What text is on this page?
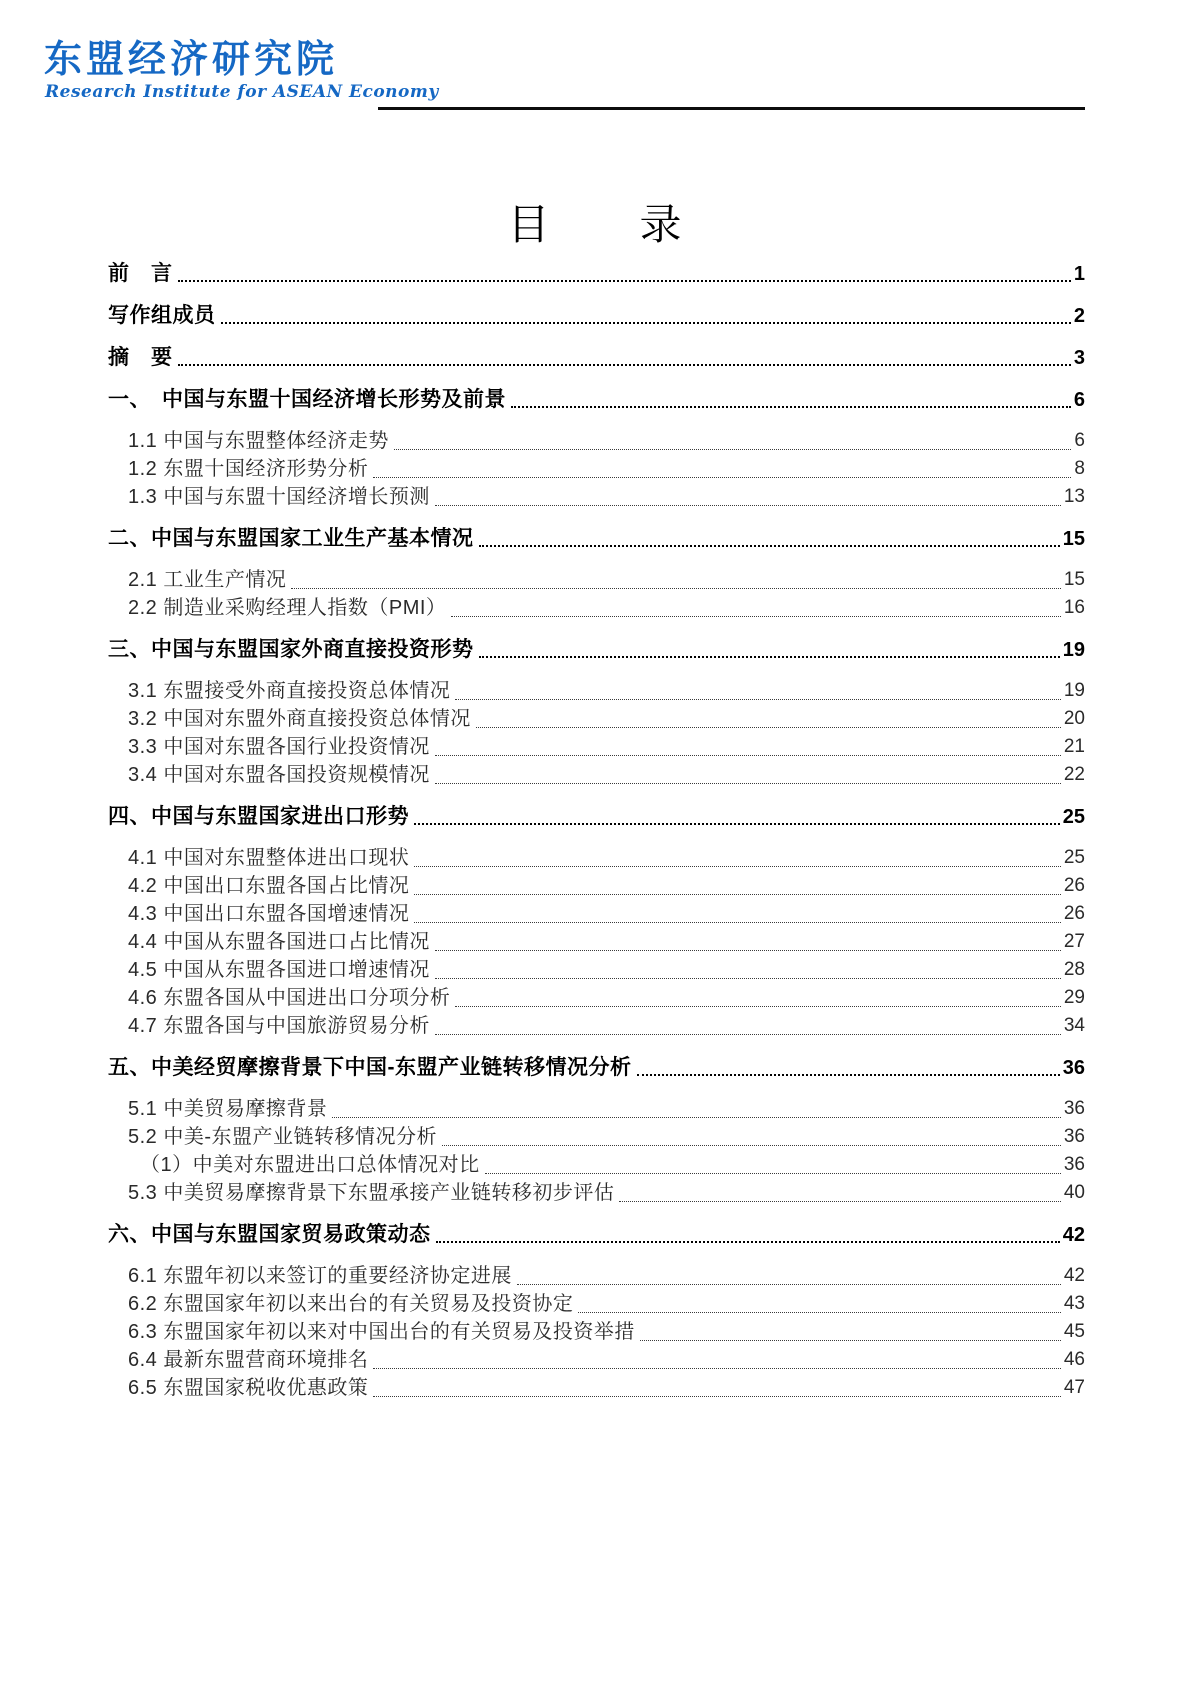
东盟经济研究院
Research Institute for ASEAN Economy
目　　录
前　言	1
写作组成员	2
摘　要	3
一、　中国与东盟十国经济增长形势及前景	6
1.1 中国与东盟整体经济走势	6
1.2 东盟十国经济形势分析	8
1.3 中国与东盟十国经济增长预测	13
二、中国与东盟国家工业生产基本情况	15
2.1 工业生产情况	15
2.2 制造业采购经理人指数（PMI）	16
三、中国与东盟国家外商直接投资形势	19
3.1 东盟接受外商直接投资总体情况	19
3.2 中国对东盟外商直接投资总体情况	20
3.3 中国对东盟各国行业投资情况	21
3.4 中国对东盟各国投资规模情况	22
四、中国与东盟国家进出口形势	25
4.1 中国对东盟整体进出口现状	25
4.2 中国出口东盟各国占比情况	26
4.3 中国出口东盟各国增速情况	26
4.4 中国从东盟各国进口占比情况	27
4.5 中国从东盟各国进口增速情况	28
4.6 东盟各国从中国进出口分项分析	29
4.7 东盟各国与中国旅游贸易分析	34
五、中美经贸摩擦背景下中国-东盟产业链转移情况分析	36
5.1 中美贸易摩擦背景	36
5.2 中美-东盟产业链转移情况分析	36
（1）中美对东盟进出口总体情况对比	36
5.3 中美贸易摩擦背景下东盟承接产业链转移初步评估	40
六、中国与东盟国家贸易政策动态	42
6.1 东盟年初以来签订的重要经济协定进展	42
6.2 东盟国家年初以来出台的有关贸易及投资协定	43
6.3 东盟国家年初以来对中国出台的有关贸易及投资举措	45
6.4 最新东盟营商环境排名	46
6.5 东盟国家税收优惠政策	47
